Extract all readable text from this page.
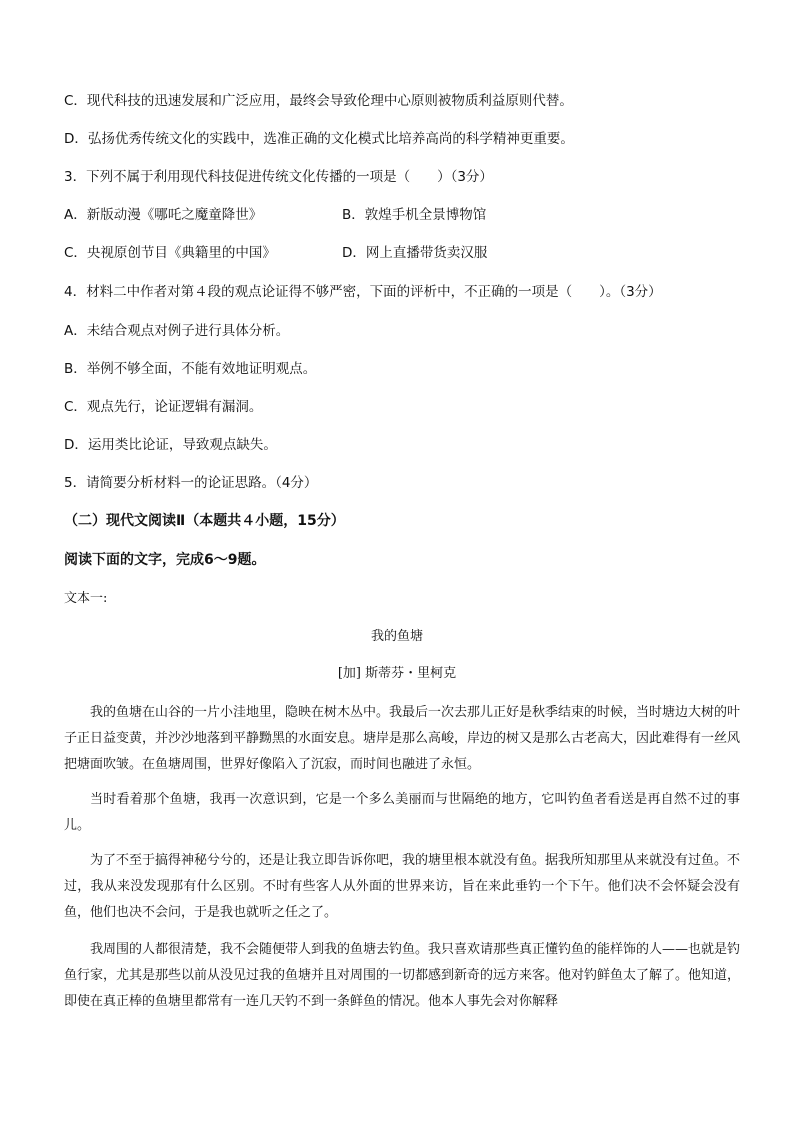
C．现代科技的迅速发展和广泛应用，最终会导致伦理中心原则被物质利益原则代替。
D．弘扬优秀传统文化的实践中，选准正确的文化模式比培养高尚的科学精神更重要。
3．下列不属于利用现代科技促进传统文化传播的一项是（　　）（3分）
A．新版动漫《哪吒之魔童降世》	B．敦煌手机全景博物馆
C．央视原创节目《典籍里的中国》	D．网上直播带货卖汉服
4．材料二中作者对第４段的观点论证得不够严密，下面的评析中，不正确的一项是（　　）。（3分）
A．未结合观点对例子进行具体分析。
B．举例不够全面，不能有效地证明观点。
C．观点先行，论证逻辑有漏洞。
D．运用类比论证，导致观点缺失。
5．请简要分析材料一的论证思路。（4分）
（二）现代文阅读Ⅱ（本题共４小题，15分）
阅读下面的文字，完成6～9题。
文本一:
我的鱼塘
[加] 斯蒂芬・里柯克

我的鱼塘在山谷的一片小洼地里，隐映在树木丛中。我最后一次去那儿正好是秋季结束的时候，当时塘边大树的叶子正日益变黄，并沙沙地落到平静黝黑的水面安息。塘岸是那么高峻，岸边的树又是那么古老高大，因此难得有一丝风把塘面吹皱。在鱼塘周围，世界好像陷入了沉寂，而时间也融进了永恒。

当时看着那个鱼塘，我再一次意识到，它是一个多么美丽而与世隔绝的地方，它叫钓鱼者看送是再自然不过的事儿。

为了不至于搞得神秘兮兮的，还是让我立即告诉你吧，我的塘里根本就没有鱼。据我所知那里从来就没有过鱼。不过，我从来没发现那有什么区别。不时有些客人从外面的世界来访，旨在来此垂钓一个下午。他们决不会怀疑会没有鱼，他们也决不会问，于是我也就听之任之了。

我周围的人都很清楚，我不会随便带人到我的鱼塘去钓鱼。我只喜欢请那些真正懂钓鱼的能样饰的人——也就是钓鱼行家，尤其是那些以前从没见过我的鱼塘并且对周围的一切都感到新奇的远方来客。他对钓鲜鱼太了解了。他知道，即使在真正棒的鱼塘里都常有一连几天钓不到一条鲜鱼的情况。他本人事先会对你解释
